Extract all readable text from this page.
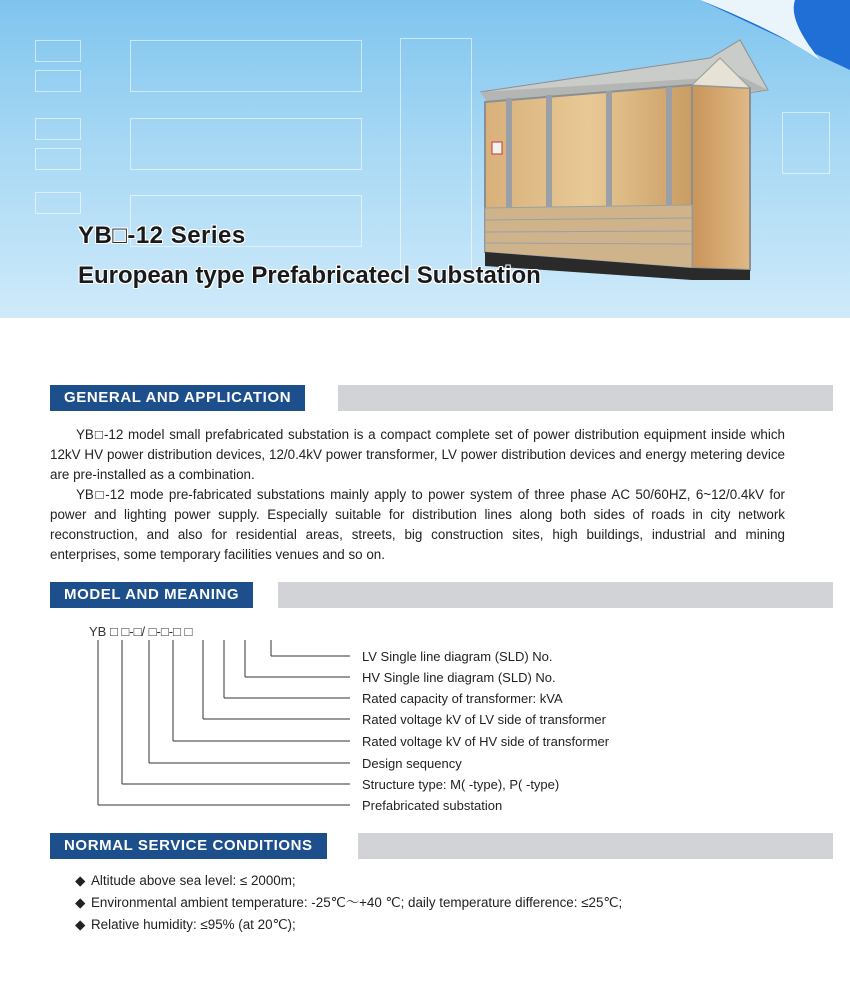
YB□-12 Series
European type Prefabricatecl Substation
GENERAL AND APPLICATION

YB□-12 model small prefabricated substation is a compact complete set of power distribution equipment inside which 12kV HV power distribution devices, 12/0.4kV power transformer, LV power distribution devices and energy metering device are pre-installed as a combination.

YB□-12 mode pre-fabricated substations mainly apply to power system of three phase AC 50/60HZ, 6~12/0.4kV for power and lighting power supply. Especially suitable for distribution lines along both sides of roads in city network reconstruction, and also for residential areas, streets, big construction sites, high buildings, industrial and mining enterprises, some temporary facilities venues and so on.

MODEL AND MEANING
YB □ □-□/ □-□-□ □
LV Single line diagram (SLD) No.
HV Single line diagram (SLD) No.
Rated capacity of transformer: kVA
Rated voltage kV of LV side of transformer
Rated voltage kV of HV side of transformer
Design sequency
Structure type: M( -type), P( -type)
Prefabricated substation
NORMAL SERVICE CONDITIONS
◆ Altitude above sea level: ≤ 2000m;
◆ Environmental ambient temperature: -25℃～+40 ℃; daily temperature difference: ≤25℃;
◆ Relative humidity: ≤95% (at 20℃);
